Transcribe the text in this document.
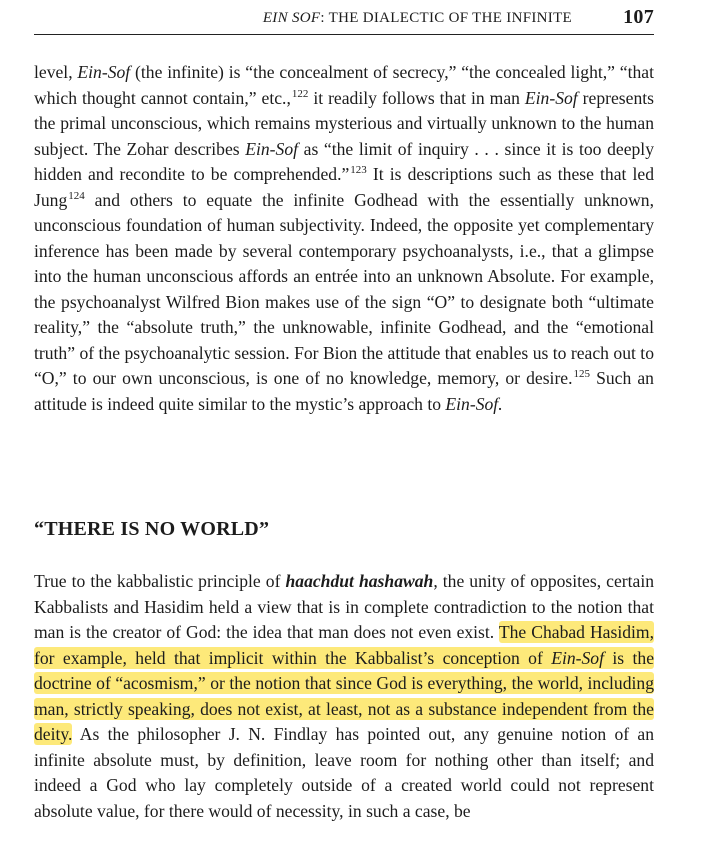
EIN SOF: THE DIALECTIC OF THE INFINITE	107

level, Ein-Sof (the infinite) is “the concealment of secrecy,” “the concealed light,” “that which thought cannot contain,” etc.,$^{122}$ it readily follows that in man Ein-Sof represents the primal unconscious, which remains mysterious and virtually unknown to the human subject. The Zohar describes Ein-Sof as “the limit of inquiry . . . since it is too deeply hidden and recondite to be comprehended.”$^{123}$ It is descriptions such as these that led Jung$^{124}$ and others to equate the infinite Godhead with the essentially unknown, unconscious foundation of human subjectivity. Indeed, the opposite yet complementary inference has been made by several contemporary psychoanalysts, i.e., that a glimpse into the human unconscious affords an entrée into an unknown Absolute. For example, the psychoanalyst Wilfred Bion makes use of the sign “O” to designate both “ultimate reality,” the “absolute truth,” the unknowable, infinite Godhead, and the “emotional truth” of the psychoanalytic session. For Bion the attitude that enables us to reach out to “O,” to our own unconscious, is one of no knowledge, memory, or desire.$^{125}$ Such an attitude is indeed quite similar to the mystic’s approach to Ein-Sof.

“THERE IS NO WORLD”

True to the kabbalistic principle of haachdut hashawah, the unity of opposites, certain Kabbalists and Hasidim held a view that is in complete contradiction to the notion that man is the creator of God: the idea that man does not even exist. The Chabad Hasidim, for example, held that implicit within the Kabbalist’s conception of Ein-Sof is the doctrine of “acosmism,” or the notion that since God is everything, the world, including man, strictly speaking, does not exist, at least, not as a substance independent from the deity. As the philosopher J. N. Findlay has pointed out, any genuine notion of an infinite absolute must, by definition, leave room for nothing other than itself; and indeed a God who lay completely outside of a created world could not represent absolute value, for there would of necessity, in such a case, be
